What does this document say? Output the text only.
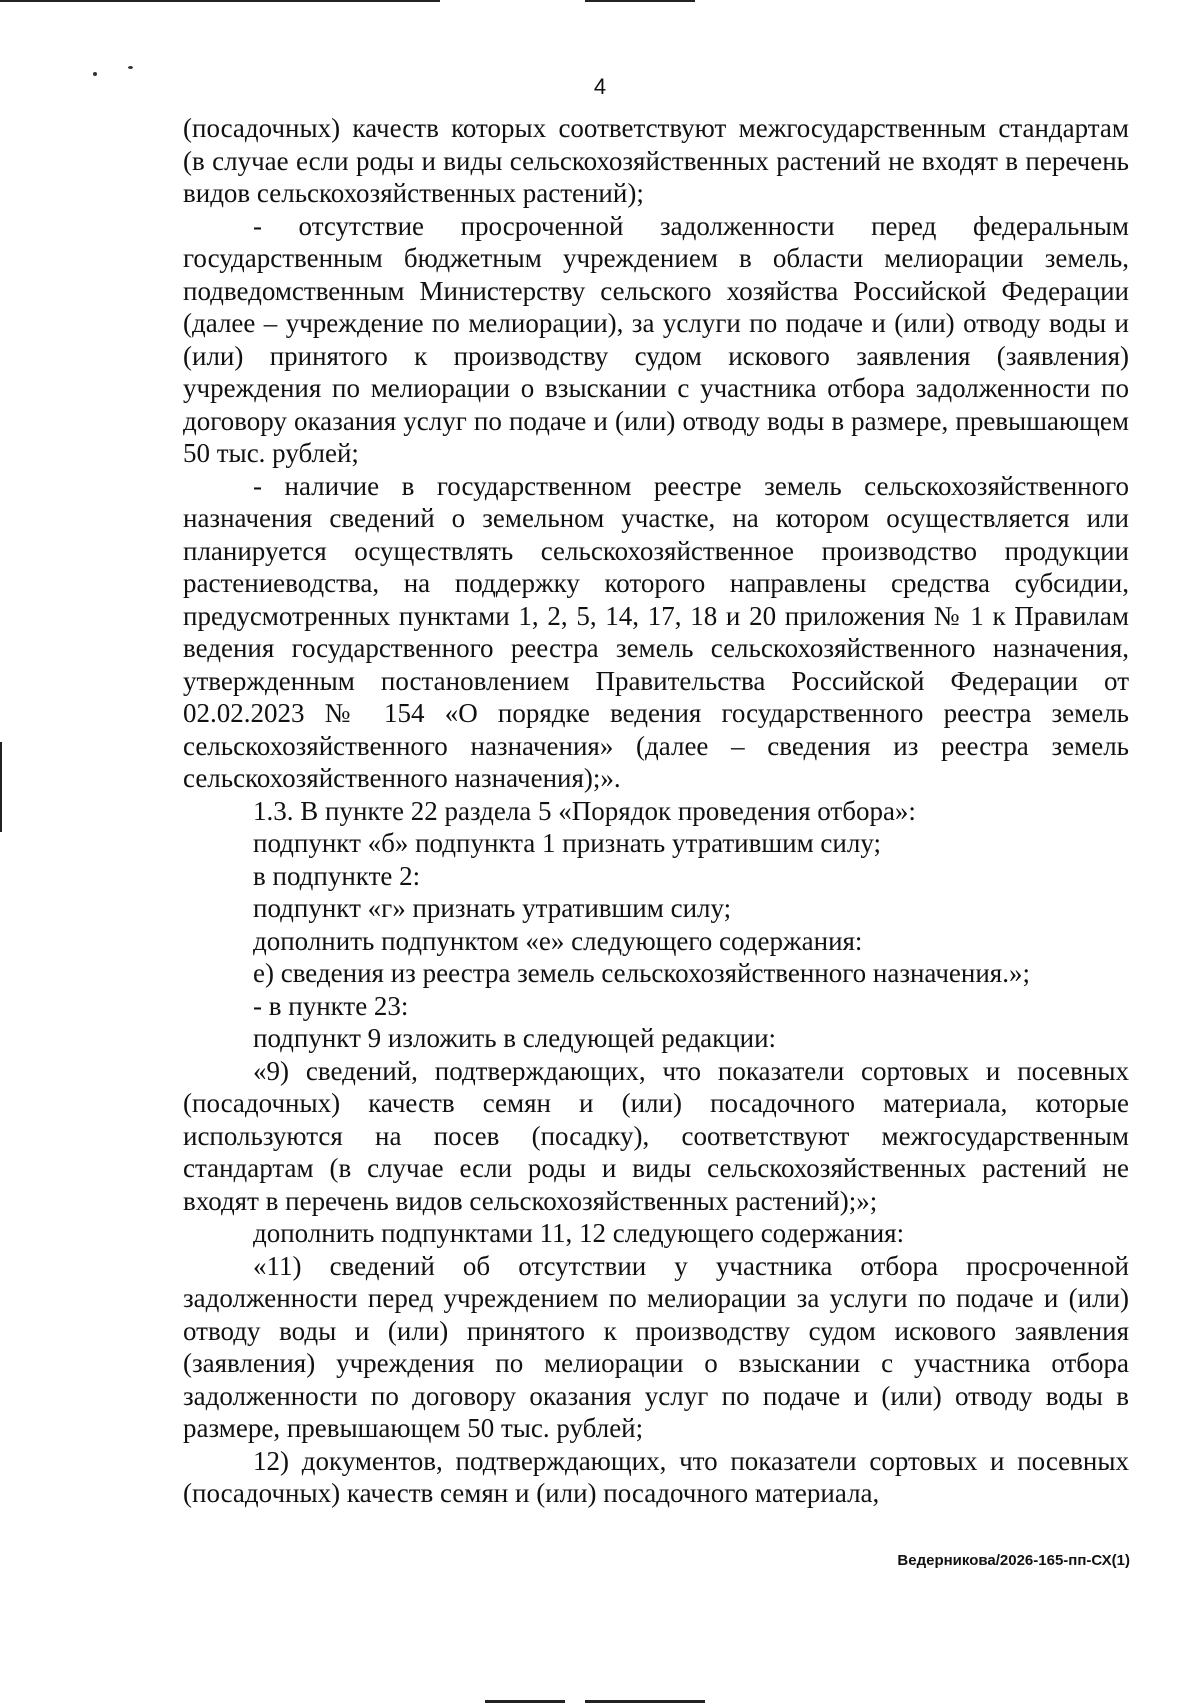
4

(посадочных) качеств которых соответствуют межгосударственным стандартам (в случае если роды и виды сельскохозяйственных растений не входят в перечень видов сельскохозяйственных растений);

- отсутствие просроченной задолженности перед федеральным государственным бюджетным учреждением в области мелиорации земель, подведомственным Министерству сельского хозяйства Российской Федерации (далее – учреждение по мелиорации), за услуги по подаче и (или) отводу воды и (или) принятого к производству судом искового заявления (заявления) учреждения по мелиорации о взыскании с участника отбора задолженности по договору оказания услуг по подаче и (или) отводу воды в размере, превышающем 50 тыс. рублей;

- наличие в государственном реестре земель сельскохозяйственного назначения сведений о земельном участке, на котором осуществляется или планируется осуществлять сельскохозяйственное производство продукции растениеводства, на поддержку которого направлены средства субсидии, предусмотренных пунктами 1, 2, 5, 14, 17, 18 и 20 приложения № 1 к Правилам ведения государственного реестра земель сельскохозяйственного назначения, утвержденным постановлением Правительства Российской Федерации от 02.02.2023 № 154 «О порядке ведения государственного реестра земель сельскохозяйственного назначения» (далее – сведения из реестра земель сельскохозяйственного назначения);».

1.3. В пункте 22 раздела 5 «Порядок проведения отбора»:

подпункт «б» подпункта 1 признать утратившим силу;

в подпункте 2:

подпункт «г» признать утратившим силу;

дополнить подпунктом «е» следующего содержания:

е) сведения из реестра земель сельскохозяйственного назначения.»;

- в пункте 23:

подпункт 9 изложить в следующей редакции:

«9) сведений, подтверждающих, что показатели сортовых и посевных (посадочных) качеств семян и (или) посадочного материала, которые используются на посев (посадку), соответствуют межгосударственным стандартам (в случае если роды и виды сельскохозяйственных растений не входят в перечень видов сельскохозяйственных растений);»;

дополнить подпунктами 11, 12 следующего содержания:

«11) сведений об отсутствии у участника отбора просроченной задолженности перед учреждением по мелиорации за услуги по подаче и (или) отводу воды и (или) принятого к производству судом искового заявления (заявления) учреждения по мелиорации о взыскании с участника отбора задолженности по договору оказания услуг по подаче и (или) отводу воды в размере, превышающем 50 тыс. рублей;

12) документов, подтверждающих, что показатели сортовых и посевных (посадочных) качеств семян и (или) посадочного материала,

Ведерникова/2026-165-пп-СХ(1)
